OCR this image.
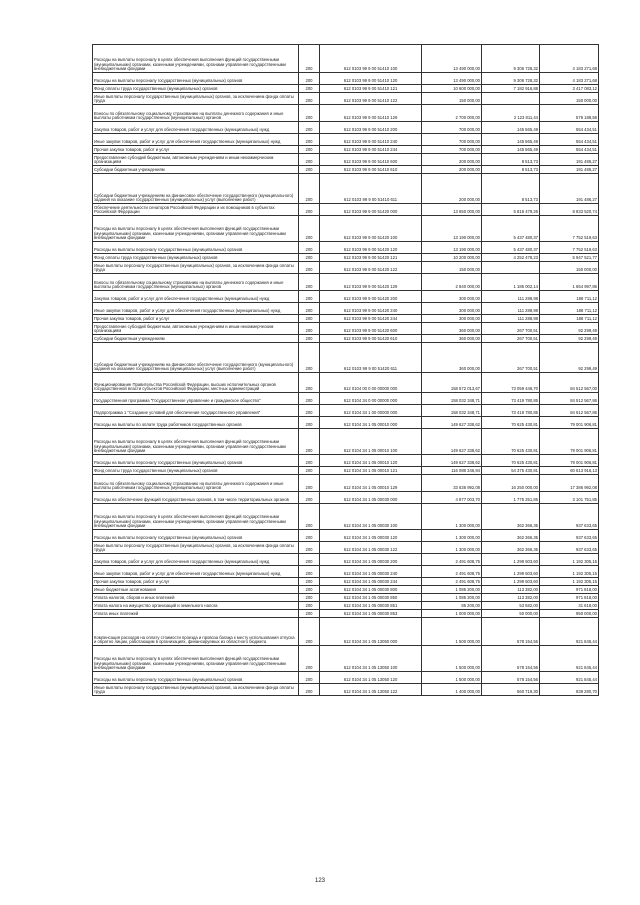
Расходы на выплаты персоналу в целях обеспечения выполнения функций государственными (муниципальными) органами, казенными учреждениями, органами управления государственными внебюджетными фондами	200	612 0103 99 9 00 51410 100	13 490 000,00	9 306 728,32	4 183 271,68
Расходы на выплаты персоналу государственных (муниципальных) органов	200	612 0103 99 9 00 51410 120	13 490 000,00	9 306 728,32	4 183 271,68
Фонд оплаты труда государственных (муниципальных) органов	200	612 0103 99 9 00 51410 121	10 600 000,00	7 182 916,88	3 417 083,12
Иные выплаты персоналу государственных (муниципальных) органов, за исключением фонда оплаты труда	200	612 0103 99 9 00 51410 122	150 000,00		150 000,00
Взносы по обязательному социальному страхованию на выплаты денежного содержания и иные выплаты работникам государственных (муниципальных) органов	200	612 0103 99 9 00 51410 129	2 700 000,00	2 123 811,44	576 188,56
Закупка товаров, работ и услуг для обеспечения государственных (муниципальных) нужд	200	612 0103 99 9 00 51410 200	700 000,00	145 565,49	554 434,51
Иные закупки товаров, работ и услуг для обеспечения государственных (муниципальных) нужд	200	612 0103 99 9 00 51410 240	700 000,00	145 565,49	554 434,51
Прочая закупка товаров, работ и услуг	200	612 0103 99 9 00 51410 244	700 000,00	145 565,49	554 434,51
Предоставление субсидий бюджетным, автономным учреждениям и иным некоммерческим организациям	200	612 0103 99 9 00 51410 600	200 000,00	8 513,73	191 486,27
Субсидии бюджетным учреждениям	200	612 0103 99 9 00 51410 610	200 000,00	8 513,73	191 486,27
Субсидии бюджетным учреждениям на финансовое обеспечение государственного (муниципального) задания на оказание государственных (муниципальных) услуг (выполнение работ)	200	612 0103 99 9 00 51410 611	200 000,00	8 513,73	191 486,27
Обеспечение деятельности сенаторов Российской Федерации и их помощников в субъектах Российской Федерации	200	612 0103 99 9 00 51420 000	13 650 000,00	5 816 479,26	8 833 520,74
Расходы на выплаты персоналу в целях обеспечения выполнения функций государственными (муниципальными) органами, казенными учреждениями, органами управления государственными внебюджетными фондами	200	612 0103 99 9 00 51420 100	13 190 000,00	5 437 480,37	7 752 519,63
Расходы на выплаты персоналу государственных (муниципальных) органов	200	612 0103 99 9 00 51420 120	13 190 000,00	5 437 480,37	7 752 519,63
Фонд оплаты труда государственных (муниципальных) органов	200	612 0103 99 9 00 51420 121	10 200 000,00	4 252 478,23	5 947 521,77
Иные выплаты персоналу государственных (муниципальных) органов, за исключением фонда оплаты труда	200	612 0103 99 9 00 51420 122	150 000,00		150 000,00
Взносы по обязательному социальному страхованию на выплаты денежного содержания и иные выплаты работникам государственных (муниципальных) органов	200	612 0103 99 9 00 51420 129	2 840 000,00	1 185 002,14	1 654 997,86
Закупка товаров, работ и услуг для обеспечения государственных (муниципальных) нужд	200	612 0103 99 9 00 51420 200	300 000,00	111 288,98	188 711,12
Иные закупки товаров, работ и услуг для обеспечения государственных (муниципальных) нужд	200	612 0103 99 9 00 51420 240	300 000,00	111 288,98	188 711,12
Прочая закупка товаров, работ и услуг	200	612 0103 99 9 00 51420 244	300 000,00	111 288,98	188 711,12
Предоставление субсидий бюджетным, автономным учреждениям и иным некоммерческим организациям	200	612 0103 99 9 00 51420 600	360 000,00	267 700,51	92 299,49
Субсидии бюджетным учреждениям	200	612 0103 99 9 00 51420 610	360 000,00	267 700,51	92 299,49
Субсидии бюджетным учреждениям на финансовое обеспечение государственного (муниципального) задания на оказание государственных (муниципальных) услуг (выполнение работ)	200	612 0103 99 9 00 51420 611	360 000,00	267 700,51	92 299,49
Функционирование Правительства Российской Федерации, высших исполнительных органов государственной власти субъектов Российской Федерации, местных администраций	200	612 0104 00 0 00 00000 000	158 572 013,67	73 059 446,70	84 512 567,00
Государственная программа "Государственное управление и гражданское общество"	200	612 0104 34 0 00 00000 000	158 032 348,71	73 419 780,85	84 512 567,86
Подпрограмма 1 "Создание условий для обеспечения государственного управления"	200	612 0104 34 1 00 00000 000	158 032 348,71	73 419 780,85	84 612 567,86
Расходы на выплаты по оплате труда работников государственных органов	200	612 0104 34 1 05 00010 000	149 627 338,62	70 625 430,81	79 001 906,81
Расходы на выплаты персоналу в целях обеспечения выполнения функций государственными (муниципальными) органами, казенными учреждениями, органами управления государственными внебюджетными фондами	200	612 0104 34 1 05 00010 100	149 627 338,62	70 625 430,81	79 001 906,81
Расходы на выплаты персоналу государственных (муниципальных) органов	200	612 0104 34 1 05 00010 120	149 627 338,62	70 625 430,81	79 001 906,81
Фонд оплаты труда государственных (муниципальных) органов	200	612 0104 34 1 05 00010 121	116 088 346,94	54 375 430,81	60 613 916,13
Взносы по обязательному социальному страхованию на выплаты денежного содержания и иные выплаты работникам государственных (муниципальных) органов	200	612 0104 34 1 05 00010 129	33 636 992,08	16 250 000,00	17 386 992,08
Расходы на обеспечение функций государственных органов, в том числе территориальных органов	200	612 0104 34 1 05 00030 000	4 877 003,70	1 775 251,85	3 101 751,85
Расходы на выплаты персоналу в целях обеспечения выполнения функций государственными (муниципальными) органами, казенными учреждениями, органами управления государственными внебюджетными фондами	200	612 0104 34 1 05 00030 100	1 300 000,00	362 366,35	937 633,65
Расходы на выплаты персоналу государственных (муниципальных) органов	200	612 0104 34 1 05 00030 120	1 300 000,00	362 366,35	937 633,65
Иные выплаты персоналу государственных (муниципальных) органов, за исключением фонда оплаты труда	200	612 0104 34 1 05 00030 122	1 300 000,00	362 366,35	937 633,65
Закупка товаров, работ и услуг для обеспечения государственных (муниципальных) нужд	200	612 0104 34 1 05 00030 200	2 491 608,75	1 299 503,60	1 192 305,15
Иные закупки товаров, работ и услуг для обеспечения государственных (муниципальных) нужд	200	612 0104 34 1 05 00030 240	2 491 608,75	1 299 503,60	1 192 305,15
Прочая закупка товаров, работ и услуг	200	612 0104 34 1 05 00030 244	2 491 608,75	1 299 503,60	1 192 305,15
Иные бюджетные ассигнования	200	612 0104 34 1 05 00030 800	1 085 200,00	113 382,00	971 818,00
Уплата налогов, сборов и иных платежей	200	612 0104 34 1 05 00030 850	1 085 200,00	113 382,00	971 818,00
Уплата налога на имущество организаций и земельного налога	200	612 0104 34 1 05 00030 851	85 200,00	53 582,00	31 618,00
Уплата иных платежей	200	612 0104 34 1 05 00030 853	1 000 000,00	50 000,00	950 000,00
Компенсация расходов на оплату стоимости проезда и провоза багажа к месту использования отпуска и обратно лицам, работающим в организациях, финансируемых из областного бюджета	200	612 0104 34 1 05 13050 000	1 500 000,00	578 154,56	921 845,44
Расходы на выплаты персоналу в целях обеспечения выполнения функций государственными (муниципальными) органами, казенными учреждениями, органами управления государственными внебюджетными фондами	200	612 0104 34 1 05 13050 100	1 500 000,00	578 154,56	921 845,44
Расходы на выплаты персоналу государственных (муниципальных) органов	200	612 0104 34 1 05 13050 120	1 500 000,00	578 154,56	921 845,44
Иные выплаты персоналу государственных (муниципальных) органов, за исключением фонда оплаты труда	200	612 0104 34 1 05 13050 122	1 400 000,00	560 719,30	839 280,70
123
